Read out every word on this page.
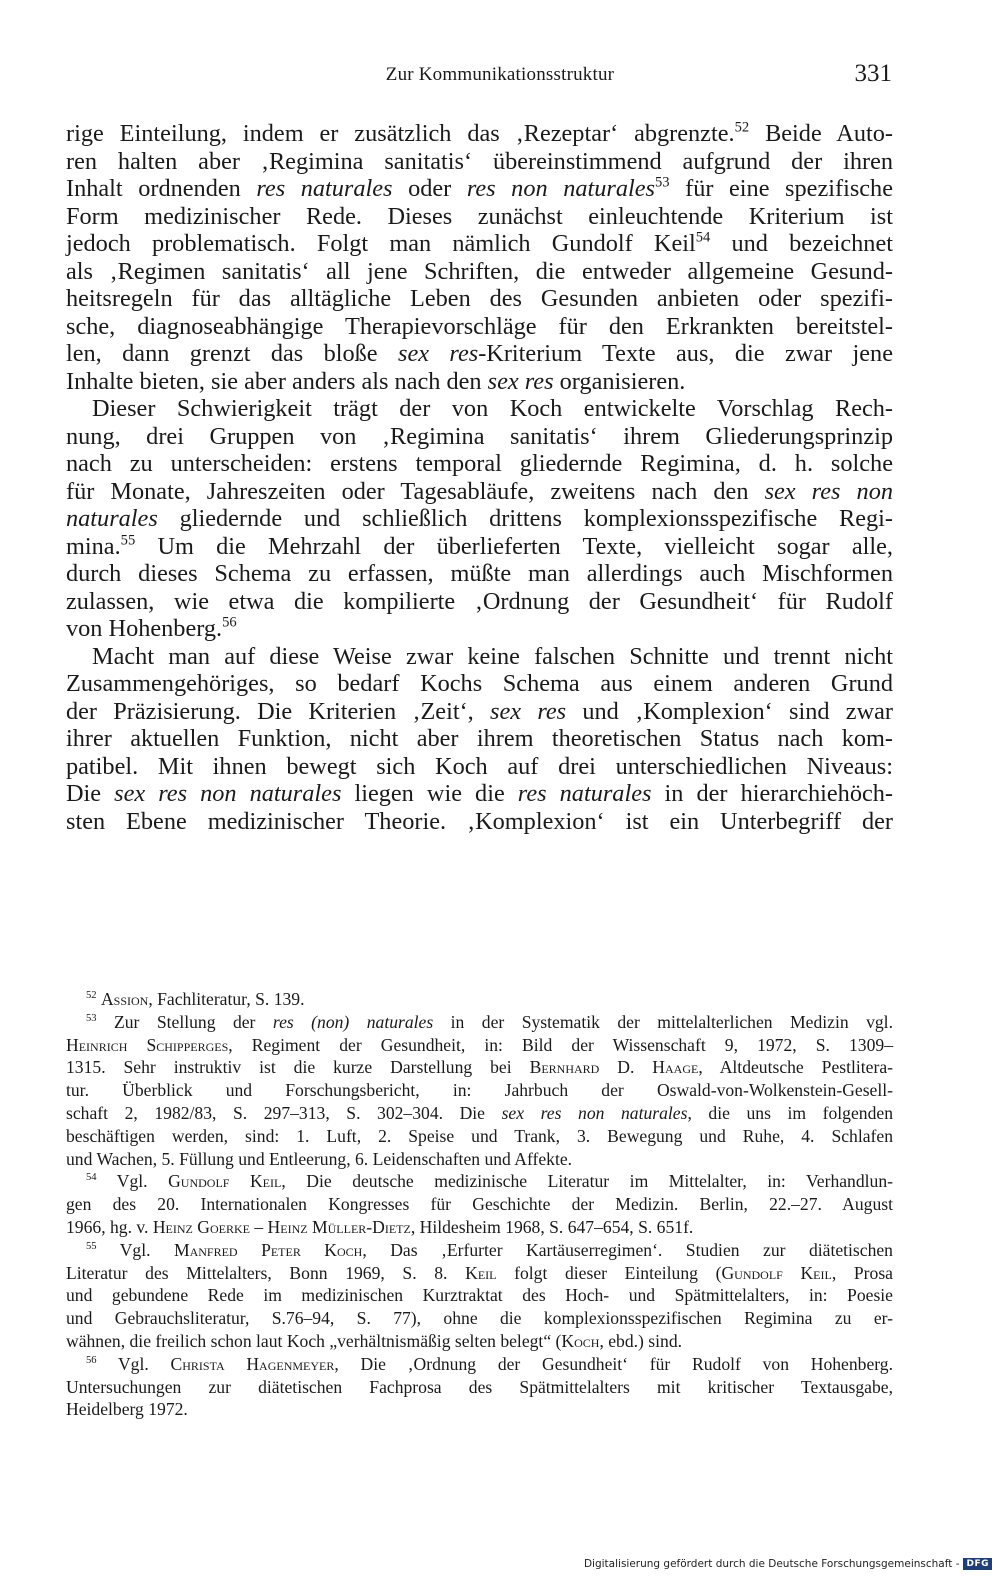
Zur Kommunikationsstruktur	331
rige Einteilung, indem er zusätzlich das ‚Rezeptar‘ abgrenzte.$^{52}$ Beide Auto-
ren halten aber ‚Regimina sanitatis‘ übereinstimmend aufgrund der ihren
Inhalt ordnenden res naturales oder res non naturales$^{53}$ für eine spezifische
Form medizinischer Rede. Dieses zunächst einleuchtende Kriterium ist
jedoch problematisch. Folgt man nämlich Gundolf Keil$^{54}$ und bezeichnet
als ‚Regimen sanitatis‘ all jene Schriften, die entweder allgemeine Gesund-
heitsregeln für das alltägliche Leben des Gesunden anbieten oder spezifi-
sche, diagnoseabhängige Therapievorschläge für den Erkrankten bereitstel-
len, dann grenzt das bloße sex res-Kriterium Texte aus, die zwar jene
Inhalte bieten, sie aber anders als nach den sex res organisieren.
Dieser Schwierigkeit trägt der von Koch entwickelte Vorschlag Rech-
nung, drei Gruppen von ‚Regimina sanitatis‘ ihrem Gliederungsprinzip
nach zu unterscheiden: erstens temporal gliedernde Regimina, d. h. solche
für Monate, Jahreszeiten oder Tagesabläufe, zweitens nach den sex res non
naturales gliedernde und schließlich drittens komplexionsspezifische Regi-
mina.$^{55}$ Um die Mehrzahl der überlieferten Texte, vielleicht sogar alle,
durch dieses Schema zu erfassen, müßte man allerdings auch Mischformen
zulassen, wie etwa die kompilierte ‚Ordnung der Gesundheit‘ für Rudolf
von Hohenberg.$^{56}$
Macht man auf diese Weise zwar keine falschen Schnitte und trennt nicht
Zusammengehöriges, so bedarf Kochs Schema aus einem anderen Grund
der Präzisierung. Die Kriterien ‚Zeit‘, sex res und ‚Komplexion‘ sind zwar
ihrer aktuellen Funktion, nicht aber ihrem theoretischen Status nach kom-
patibel. Mit ihnen bewegt sich Koch auf drei unterschiedlichen Niveaus:
Die sex res non naturales liegen wie die res naturales in der hierarchiehöch-
sten Ebene medizinischer Theorie. ‚Komplexion‘ ist ein Unterbegriff der
$^{52}$ Assion, Fachliteratur, S. 139.
$^{53}$ Zur Stellung der res (non) naturales in der Systematik der mittelalterlichen Medizin vgl.
Heinrich Schipperges, Regiment der Gesundheit, in: Bild der Wissenschaft 9, 1972, S. 1309–
1315. Sehr instruktiv ist die kurze Darstellung bei Bernhard D. Haage, Altdeutsche Pestlitera-
tur. Überblick und Forschungsbericht, in: Jahrbuch der Oswald-von-Wolkenstein-Gesell-
schaft 2, 1982/83, S. 297–313, S. 302–304. Die sex res non naturales, die uns im folgenden
beschäftigen werden, sind: 1. Luft, 2. Speise und Trank, 3. Bewegung und Ruhe, 4. Schlafen
und Wachen, 5. Füllung und Entleerung, 6. Leidenschaften und Affekte.
$^{54}$ Vgl. Gundolf Keil, Die deutsche medizinische Literatur im Mittelalter, in: Verhandlun-
gen des 20. Internationalen Kongresses für Geschichte der Medizin. Berlin, 22.–27. August
1966, hg. v. Heinz Goerke – Heinz Müller-Dietz, Hildesheim 1968, S. 647–654, S. 651f.
$^{55}$ Vgl. Manfred Peter Koch, Das ‚Erfurter Kartäuserregimen‘. Studien zur diätetischen
Literatur des Mittelalters, Bonn 1969, S. 8. Keil folgt dieser Einteilung (Gundolf Keil, Prosa
und gebundene Rede im medizinischen Kurztraktat des Hoch- und Spätmittelalters, in: Poesie
und Gebrauchsliteratur, S.76–94, S. 77), ohne die komplexionsspezifischen Regimina zu er-
wähnen, die freilich schon laut Koch „verhältnismäßig selten belegt“ (Koch, ebd.) sind.
$^{56}$ Vgl. Christa Hagenmeyer, Die ‚Ordnung der Gesundheit‘ für Rudolf von Hohenberg.
Untersuchungen zur diätetischen Fachprosa des Spätmittelalters mit kritischer Textausgabe,
Heidelberg 1972.
Digitalisierung gefördert durch die Deutsche Forschungsgemeinschaft - DFG
